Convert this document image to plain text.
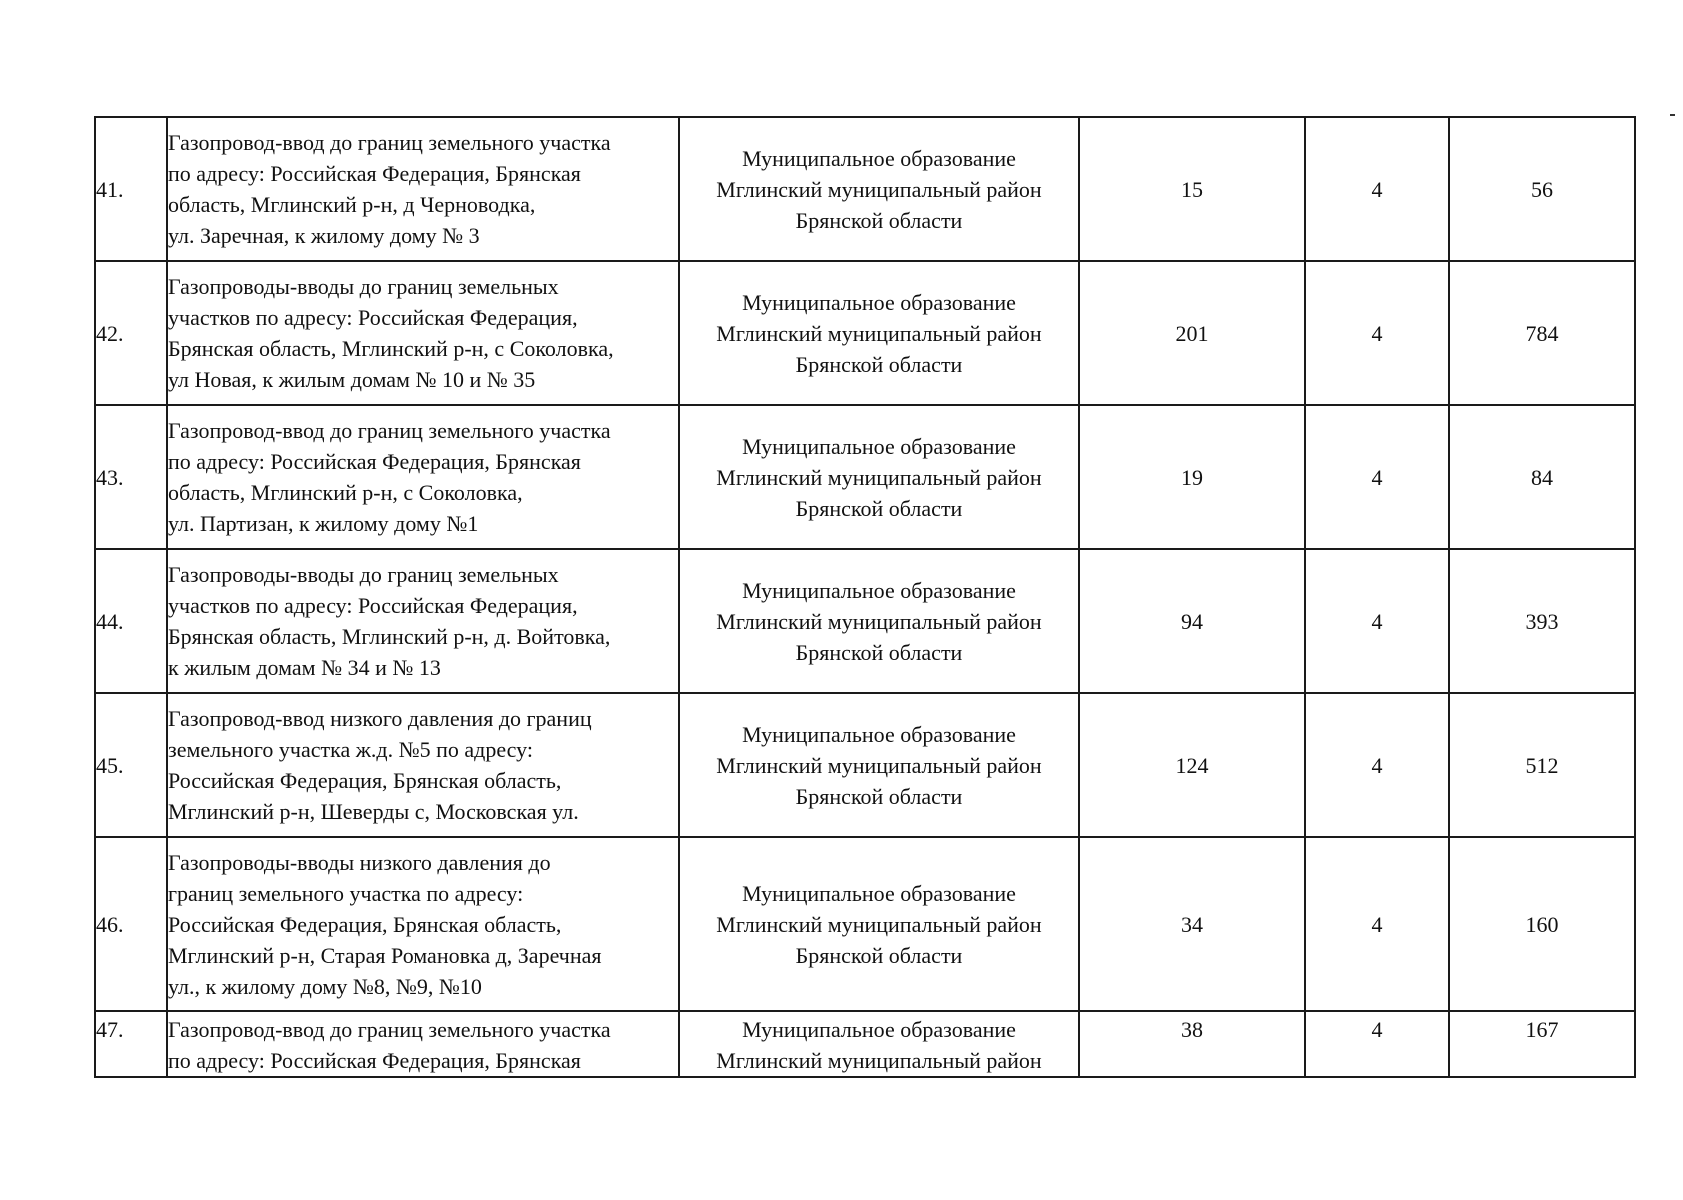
41.	Газопровод-ввод до границ земельного участка
по адресу: Российская Федерация, Брянская
область, Мглинский р-н, д Черноводка,
ул. Заречная, к жилому дому № 3	Муниципальное образование
Мглинский муниципальный район
Брянской области	15	4	56
42.	Газопроводы-вводы до границ земельных
участков по адресу: Российская Федерация,
Брянская область, Мглинский р-н, с Соколовка,
ул Новая, к жилым домам № 10 и № 35	Муниципальное образование
Мглинский муниципальный район
Брянской области	201	4	784
43.	Газопровод-ввод до границ земельного участка
по адресу: Российская Федерация, Брянская
область, Мглинский р-н, с Соколовка,
ул. Партизан, к жилому дому №1	Муниципальное образование
Мглинский муниципальный район
Брянской области	19	4	84
44.	Газопроводы-вводы до границ земельных
участков по адресу: Российская Федерация,
Брянская область, Мглинский р-н, д. Войтовка,
к жилым домам № 34 и № 13	Муниципальное образование
Мглинский муниципальный район
Брянской области	94	4	393
45.	Газопровод-ввод низкого давления до границ
земельного участка ж.д. №5 по адресу:
Российская Федерация, Брянская область,
Мглинский р-н, Шеверды с, Московская ул.	Муниципальное образование
Мглинский муниципальный район
Брянской области	124	4	512
46.	Газопроводы-вводы низкого давления до
границ земельного участка по адресу:
Российская Федерация, Брянская область,
Мглинский р-н, Старая Романовка д, Заречная
ул., к жилому дому №8, №9, №10	Муниципальное образование
Мглинский муниципальный район
Брянской области	34	4	160
47.	Газопровод-ввод до границ земельного участка
по адресу: Российская Федерация, Брянская	Муниципальное образование
Мглинский муниципальный район	38	4	167
